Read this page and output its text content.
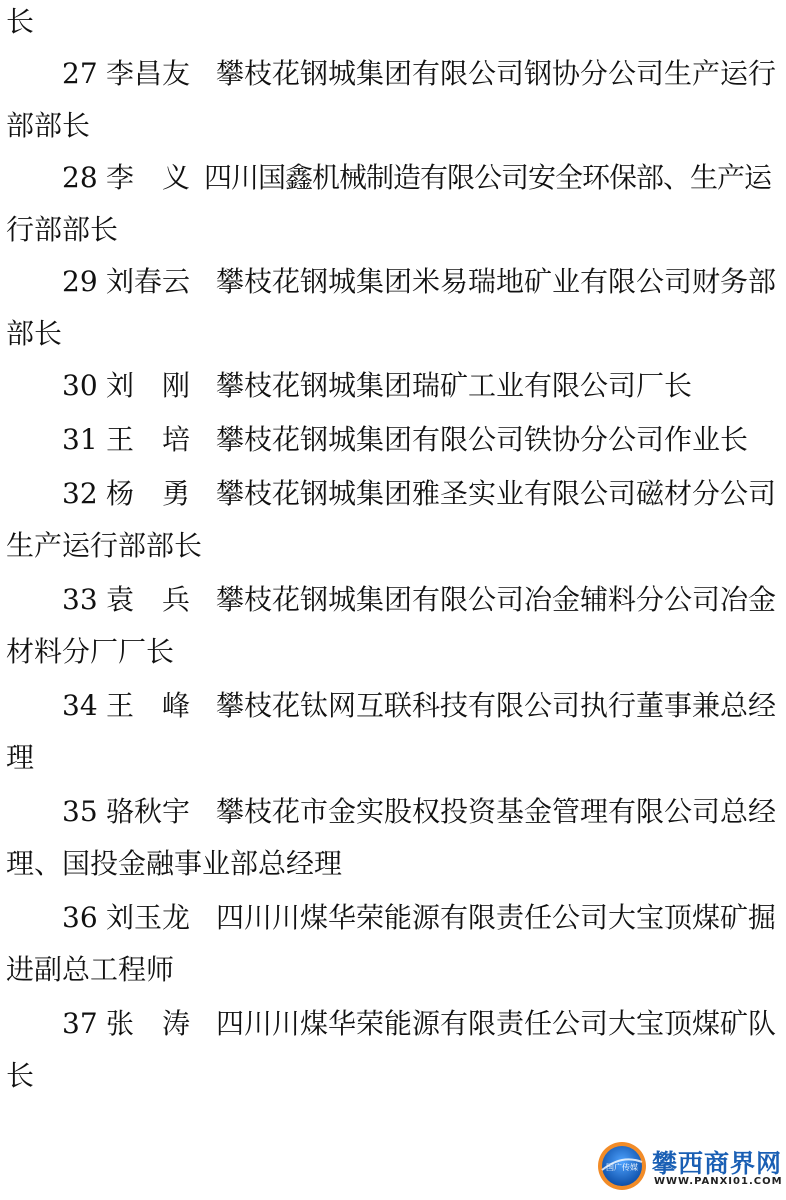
长
27 李昌友 攀枝花钢城集团有限公司钢协分公司生产运行
部部长
28 李　义 四川国鑫机械制造有限公司安全环保部、生产运
行部部长
29 刘春云 攀枝花钢城集团米易瑞地矿业有限公司财务部
部长
30 刘　刚 攀枝花钢城集团瑞矿工业有限公司厂长
31 王　培 攀枝花钢城集团有限公司铁协分公司作业长
32 杨　勇 攀枝花钢城集团雅圣实业有限公司磁材分公司
生产运行部部长
33 袁　兵 攀枝花钢城集团有限公司冶金辅料分公司冶金
材料分厂厂长
34 王　峰 攀枝花钛网互联科技有限公司执行董事兼总经
理
35 骆秋宇 攀枝花市金实股权投资基金管理有限公司总经
理、国投金融事业部总经理
36 刘玉龙 四川川煤华荣能源有限责任公司大宝顶煤矿掘
进副总工程师
37 张　涛 四川川煤华荣能源有限责任公司大宝顶煤矿队
长
国广传媒 攀西商界网
WWW.PANXI01.COM
